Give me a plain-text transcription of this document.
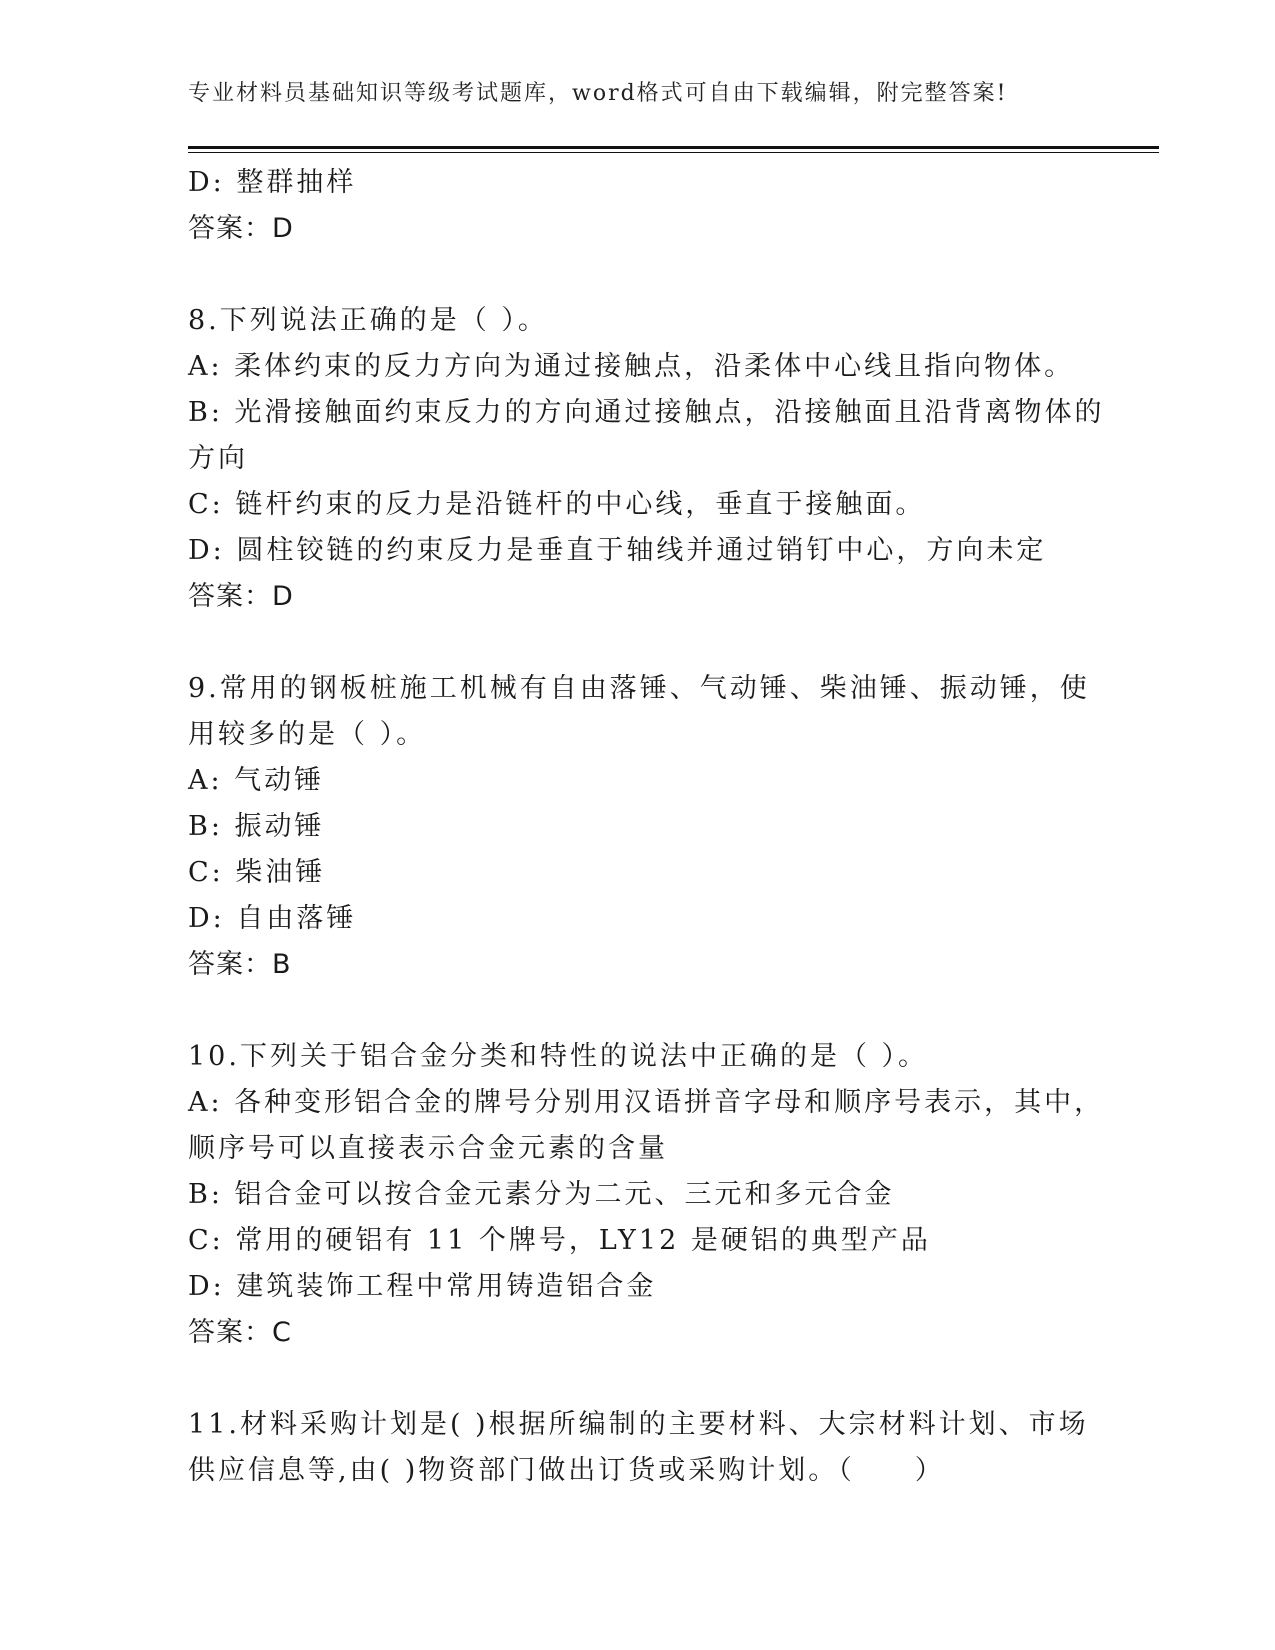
专业材料员基础知识等级考试题库，word格式可自由下载编辑，附完整答案!
D: 整群抽样
答案：D
8.下列说法正确的是（ ）。
A: 柔体约束的反力方向为通过接触点，沿柔体中心线且指向物体。
B: 光滑接触面约束反力的方向通过接触点，沿接触面且沿背离物体的
方向
C: 链杆约束的反力是沿链杆的中心线，垂直于接触面。
D: 圆柱铰链的约束反力是垂直于轴线并通过销钉中心，方向未定
答案：D
9.常用的钢板桩施工机械有自由落锤、气动锤、柴油锤、振动锤，使
用较多的是（ ）。
A: 气动锤
B: 振动锤
C: 柴油锤
D: 自由落锤
答案：B
10.下列关于铝合金分类和特性的说法中正确的是（ ）。
A: 各种变形铝合金的牌号分别用汉语拼音字母和顺序号表示，其中，
顺序号可以直接表示合金元素的含量
B: 铝合金可以按合金元素分为二元、三元和多元合金
C: 常用的硬铝有 11 个牌号，LY12 是硬铝的典型产品
D: 建筑装饰工程中常用铸造铝合金
答案：C
11.材料采购计划是( )根据所编制的主要材料、大宗材料计划、市场
供应信息等,由( )物资部门做出订货或采购计划。（　　）
